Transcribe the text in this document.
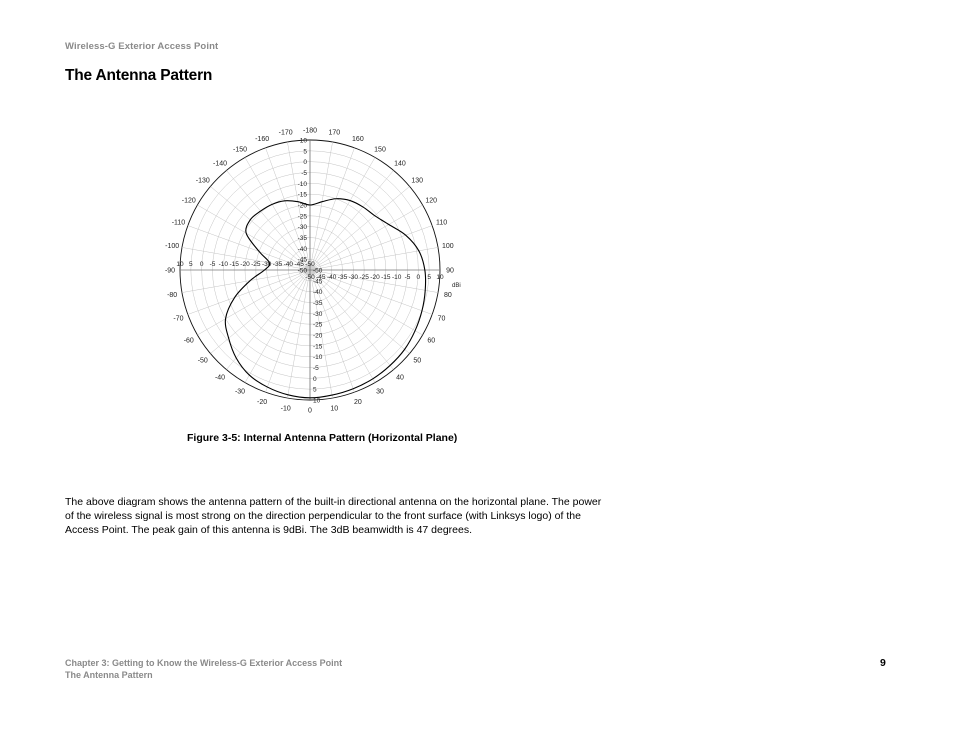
Wireless-G Exterior Access Point
The Antenna Pattern
0	10
20
30
40
50
60
70
80
90
100
110
120
130
140
150
160
170
-180
-170
-160
-150
-140
-130
-120
-110
-100
-90
-80
-70
-60
-50
-40
-30
-20
-10
10
10
10
10
5
5
5
5
0
0
0
0
-5
-5
-5
-5
-10
-10
-10
-10
-15
-15
-15
-15
-20
-20
-20
-20
-25
-25
-25
-25
-30
-30
-30
-30
-35
-35
-35
-35
-40
-40
-40
-40
-45
-45
-45
-45
-50 -50
-50
-50
dBi
Figure 3-5: Internal Antenna Pattern (Horizontal Plane)

The above diagram shows the antenna pattern of the built-in directional antenna on the horizontal plane. The power of the wireless signal is most strong on the direction perpendicular to the front surface (with Linksys logo) of the Access Point. The peak gain of this antenna is 9dBi. The 3dB beamwidth is 47 degrees.

Chapter 3: Getting to Know the Wireless-G Exterior Access Point
The Antenna Pattern
9
